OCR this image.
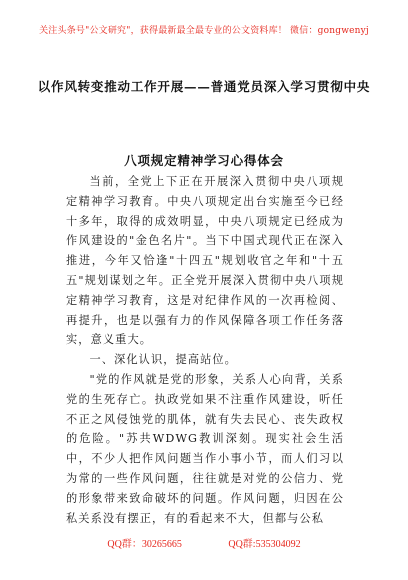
关注头条号"公文研究"，获得最新最全最专业的公文资料库！ 微信：gongwenyj
以作风转变推动工作开展——普通党员深入学习贯彻中央
八项规定精神学习心得体会

当前，全党上下正在开展深入贯彻中央八项规定精神学习教育。中央八项规定出台实施至今已经十多年，取得的成效明显，中央八项规定已经成为作风建设的"金色名片"。当下中国式现代正在深入推进，今年又恰逢"十四五"规划收官之年和"十五五"规划谋划之年。正全党开展深入贯彻中央八项规定精神学习教育，这是对纪律作风的一次再检阅、再提升，也是以强有力的作风保障各项工作任务落实，意义重大。

一、深化认识，提高站位。

"党的作风就是党的形象，关系人心向背，关系党的生死存亡。执政党如果不注重作风建设，听任不正之风侵蚀党的肌体，就有失去民心、丧失政权的危险。"苏共WDWG教训深刻。现实社会生活中，不少人把作风问题当作小事小节，而人们习以为常的一些作风问题，往往就是对党的公信力、党的形象带来致命破坏的问题。作风问题，归因在公私关系没有摆正，有的看起来不大，但都与公私

QQ群：30265665	QQ群:535304092
